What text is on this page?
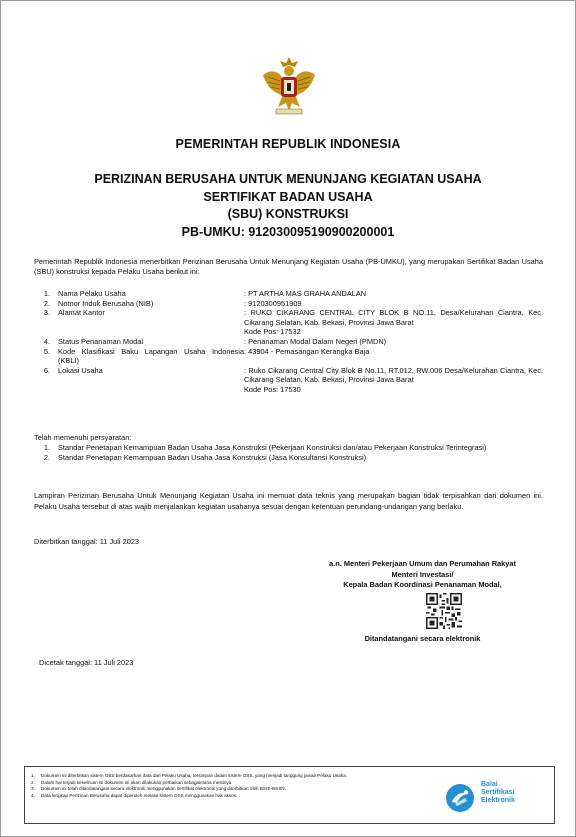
PEMERINTAH REPUBLIK INDONESIA
PERIZINAN BERUSAHA UNTUK MENUNJANG KEGIATAN USAHA
SERTIFIKAT BADAN USAHA
(SBU) KONSTRUKSI
PB-UMKU: 912030095190900200001
Pemerintah Republik Indonesia menerbitkan Perizinan Berusaha Untuk Menunjang Kegiatan Usaha (PB-UMKU), yang merupakan Sertifikat Badan Usaha (SBU) konstruksi kepada Pelaku Usaha berikut ini:
1.	Nama Pelaku Usaha	: PT ARTHA MAS GRAHA ANDALAN
2.	Nomor Induk Berusaha (NIB)	: 9120300951909
3.	Alamat Kantor	: RUKO CIKARANG CENTRAL CITY BLOK B NO.11, Desa/Kelurahan Ciantra, Kec. Cikarang Selatan, Kab. Bekasi, Provinsi Jawa Barat
Kode Pos: 17532
4.	Status Penanaman Modal	: Penanaman Modal Dalam Negeri (PMDN)
5.	Kode Klasifikasi Baku Lapangan Usaha Indonesia (KBLI)
: 43904 - Pemasangan Kerangka Baja
6.	Lokasi Usaha	: Ruko Cikarang Central City Blok B No.11, RT.012, RW.006 Desa/Kelurahan Ciantra, Kec. Cikarang Selatan, Kab. Bekasi, Provinsi Jawa Barat
Kode Pos: 17530
Telah memenuhi persyaratan:
1.	Standar Penetapan Kemampuan Badan Usaha Jasa Konstruksi (Pekerjaan Konstruksi dan/atau Pekerjaan Konstruksi Terintegrasi)
2.	Standar Penetapan Kemampuan Badan Usaha Jasa Konstruksi (Jasa Konsultansi Konstruksi)
Lampiran Perizinan Berusaha Untuk Menunjang Kegiatan Usaha ini memuat data teknis yang merupakan bagian tidak terpisahkan dari dokumen ini. Pelaku Usaha tersebut di atas wajib menjalankan kegiatan usahanya sesuai dengan ketentuan perundang-undangan yang berlaku.
Diterbitkan tanggal: 11 Juli 2023
a.n. Menteri Pekerjaan Umum dan Perumahan Rakyat
Menteri Investasi/
Kepala Badan Koordinasi Penanaman Modal,
Ditandatangani secara elektronik
Dicetak tanggal: 11 Juli 2023
1.	Dokumen ini diterbitkan sistem OSS berdasarkan data dari Pelaku Usaha, tersimpan dalam sistem OSS, yang menjadi tanggung jawab Pelaku Usaha.
2.	Dalam hal terjadi kekeliruan isi dokumen ini akan dilakukan perbaikan sebagaimana mestinya.
3.	Dokumen ini telah ditandatangani secara elektronik menggunakan sertifikat elektronik yang diterbitkan oleh BSrE-BSSN.
4.	Data lengkap Perizinan Berusaha dapat diperoleh melalui sistem OSS menggunakan hak akses.
Balai
Sertifikasi
Elektronik
